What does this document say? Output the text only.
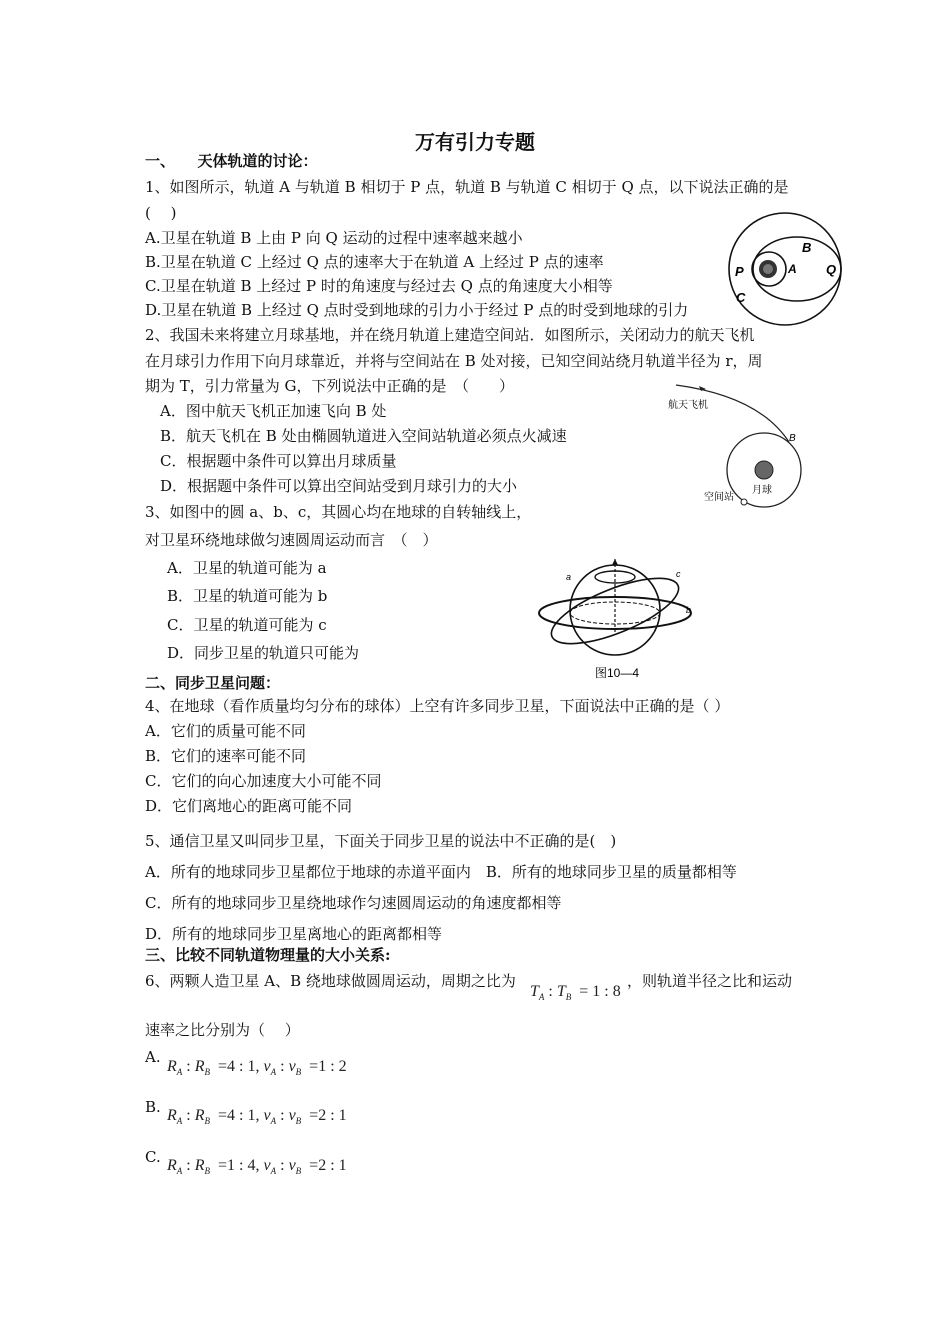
万有引力专题
一、　　天体轨道的讨论：
1、如图所示，轨道 A 与轨道 B 相切于 P 点，轨道 B 与轨道 C 相切于 Q 点，以下说法正确的是
(　 )
A.卫星在轨道 B 上由 P 向 Q 运动的过程中速率越来越小
B.卫星在轨道 C 上经过 Q 点的速率大于在轨道 A 上经过 P 点的速率
C.卫星在轨道 B 上经过 P 时的角速度与经过去 Q 点的角速度大小相等
D.卫星在轨道 B 上经过 Q 点时受到地球的引力小于经过 P 点的时受到地球的引力
B
P	A Q
C
2、我国未来将建立月球基地，并在绕月轨道上建造空间站．如图所示，关闭动力的航天飞机
在月球引力作用下向月球靠近，并将与空间站在 B 处对接，已知空间站绕月轨道半径为 r，周
期为 T，引力常量为 G，下列说法中正确的是　（　　）
A．图中航天飞机正加速飞向 B 处
B．航天飞机在 B 处由椭圆轨道进入空间站轨道必须点火减速
C．根据题中条件可以算出月球质量
D．根据题中条件可以算出空间站受到月球引力的大小
航天飞机
B
月球
空间站
3、如图中的圆 a、b、c，其圆心均在地球的自转轴线上，
对卫星环绕地球做匀速圆周运动而言　（　）
A．卫星的轨道可能为 a
B．卫星的轨道可能为 b
C．卫星的轨道可能为 c
D．同步卫星的轨道只可能为
a
b
c
图10—4
二、同步卫星问题：
4、在地球（看作质量均匀分布的球体）上空有许多同步卫星，下面说法中正确的是（ ）
A．它们的质量可能不同
B．它们的速率可能不同
C．它们的向心加速度大小可能不同
D．它们离地心的距离可能不同
5、通信卫星又叫同步卫星，下面关于同步卫星的说法中不正确的是(　)
A．所有的地球同步卫星都位于地球的赤道平面内　B．所有的地球同步卫星的质量都相等
C．所有的地球同步卫星绕地球作匀速圆周运动的角速度都相等
D．所有的地球同步卫星离地心的距离都相等
三、比较不同轨道物理量的大小关系:
6、两颗人造卫星 A、B 绕地球做圆周运动，周期之比为
$T_A$ : $T_B = 1$ : 8
，则轨道半径之比和运动
速率之比分别为（　 ）
A.
$R_A$ : $R_B =4$ : 1, $v_A$ : $v_B =1$ : 2
B. $R_A$ : $R_B =4$ : 1, $v_A$ : $v_B =2$ : 1
C. $R_A$ : $R_B =1$ : 4, $v_A$ : $v_B =2$ : 1
